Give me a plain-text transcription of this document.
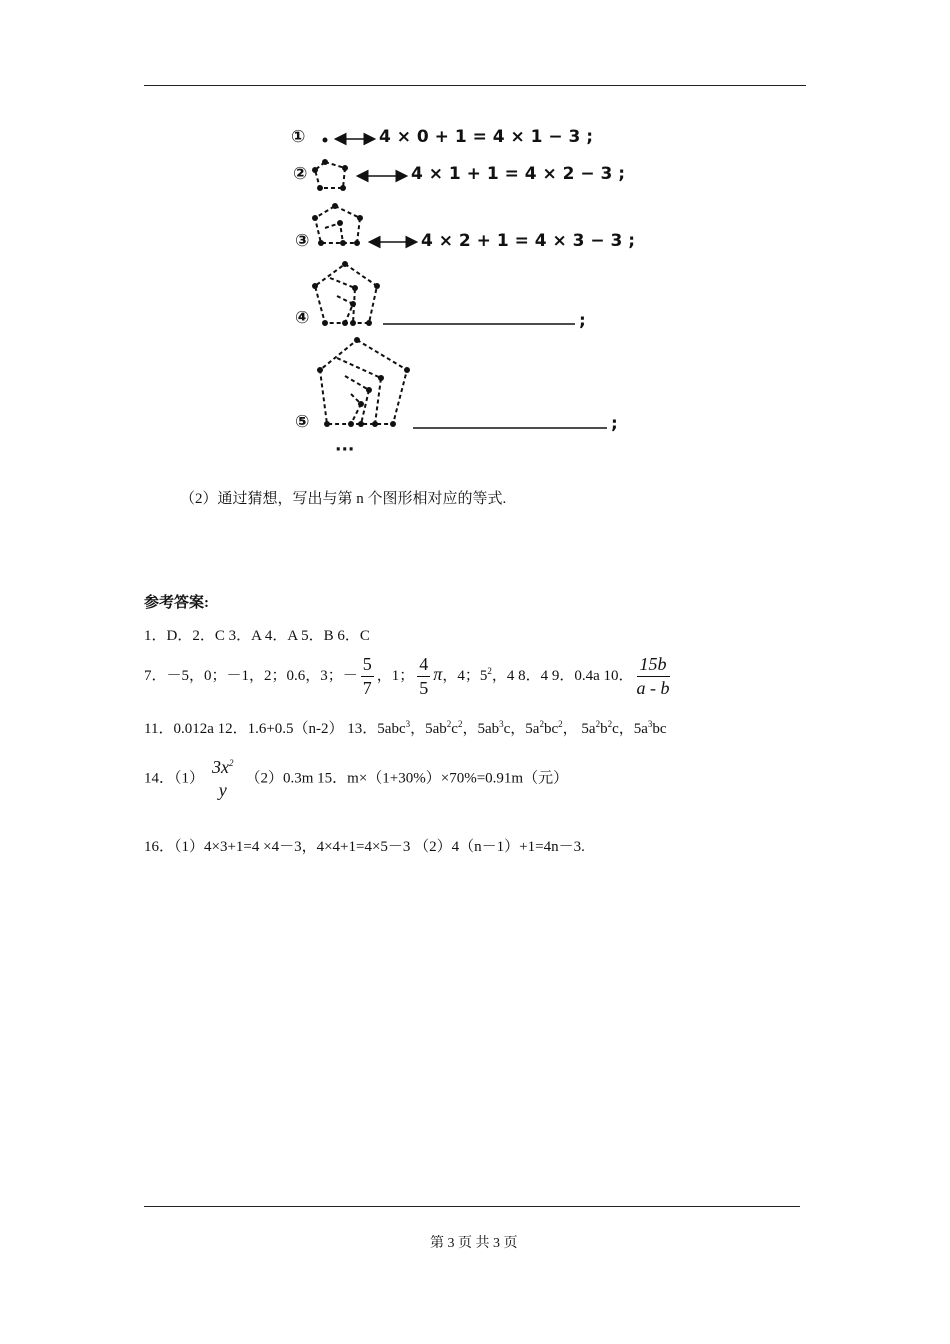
①	4 × 0 + 1 = 4 × 1 − 3 ;
②	4 × 1 + 1 = 4 × 2 − 3 ;
③	4 × 2 + 1 = 4 × 3 − 3 ;
④	;
⑤	;
···
（2）通过猜想，写出与第 n 个图形相对应的等式.
参考答案:
1．D．2．C 3．A 4．A 5．B 6．C
7．－5，0；－1，2；0.6，3；－ $\frac{5}{7}$ ，1； $\frac{4}{5}$ π，4；$5^2$，4 8．4 9．0.4a 10． $\frac{15b}{a - b}$
11．0.012a 12．1.6+0.5（n-2） 13．5abc$^3$，$5ab^2c^2$，$5ab^3c$，$5a^2bc^2$， $5a^2b^2c$，$5a^3bc$
14．（1）
$3x^2$
y
（2）0.3m 15．m×（1+30%）×70%=0.91m（元）
16．（1）4×3+1=4 ×4－3，4×4+1=4×5－3 （2）4（n－1）+1=4n－3.
第 3 页 共 3 页
